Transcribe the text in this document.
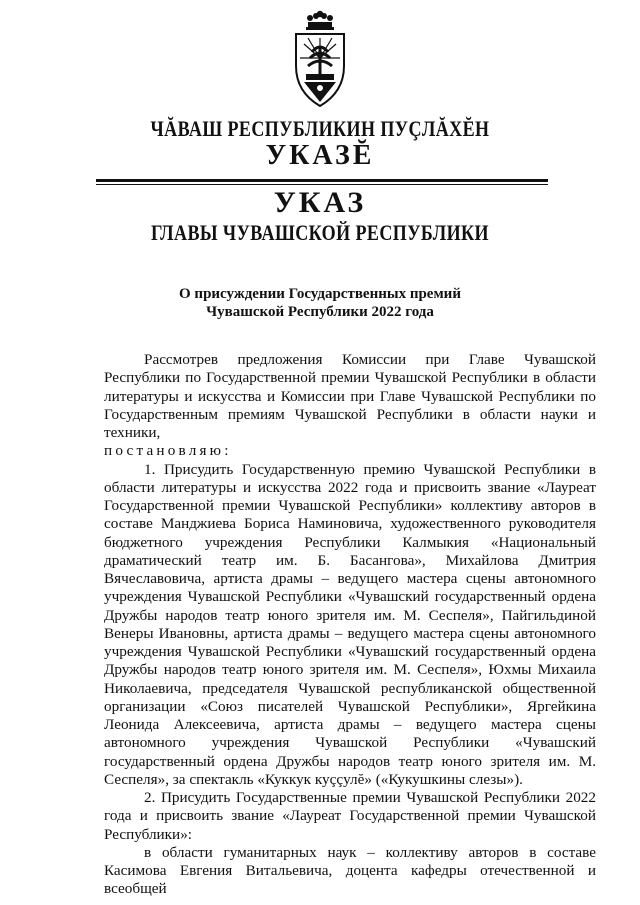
ЧĂВАШ РЕСПУБЛИКИН ПУÇЛĂХĔН
УКАЗĔ
УКАЗ
ГЛАВЫ ЧУВАШСКОЙ РЕСПУБЛИКИ
О присуждении Государственных премий
Чувашской Республики 2022 года

Рассмотрев предложения Комиссии при Главе Чувашской Республики по Государственной премии Чувашской Республики в области литературы и искусства и Комиссии при Главе Чувашской Республики по Государственным премиям Чувашской Республики в области науки и техники,

постановляю:

1. Присудить Государственную премию Чувашской Республики в области литературы и искусства 2022 года и присвоить звание «Лауреат Государственной премии Чувашской Республики» коллективу авторов в составе Манджиева Бориса Наминовича, художественного руководителя бюджетного учреждения Республики Калмыкия «Национальный драматический театр им. Б. Басангова», Михайлова Дмитрия Вячеславовича, артиста драмы – ведущего мастера сцены автономного учреждения Чувашской Республики «Чувашский государственный ордена Дружбы народов театр юного зрителя им. М. Сеспеля», Пайгильдиной Венеры Ивановны, артиста драмы – ведущего мастера сцены автономного учреждения Чувашской Республики «Чувашский государственный ордена Дружбы народов театр юного зрителя им. М. Сеспеля», Юхмы Михаила Николаевича, председателя Чувашской республиканской общественной организации «Союз писателей Чувашской Республики», Яргейкина Леонида Алексеевича, артиста драмы – ведущего мастера сцены автономного учреждения Чувашской Республики «Чувашский государственный ордена Дружбы народов театр юного зрителя им. М. Сеспеля», за спектакль «Куккук куççулĕ» («Кукушкины слезы»).

2. Присудить Государственные премии Чувашской Республики 2022 года и присвоить звание «Лауреат Государственной премии Чувашской Республики»:

в области гуманитарных наук – коллективу авторов в составе Касимова Евгения Витальевича, доцента кафедры отечественной и всеобщей
